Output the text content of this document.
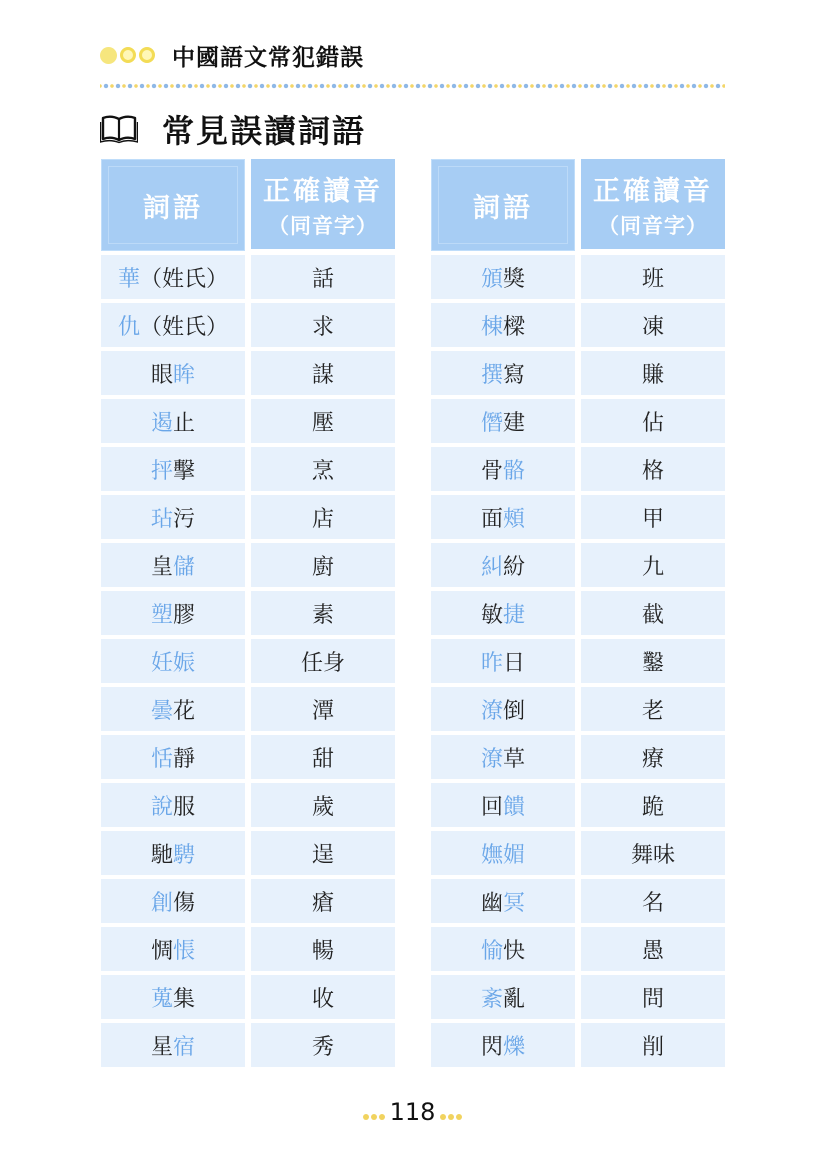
中國語文常犯錯誤
常見誤讀詞語
詞語
正確讀音
（同音字）
華 （姓氏）	話
仇 （姓氏）	求
眼 眸	謀
遏 止	壓
抨 擊	烹
玷 污	店
皇 儲	廚
塑 膠	素
妊娠	任身
曇 花	潭
恬 靜	甜
說 服	歲
馳 騁	逞
創 傷	瘡
惆 悵	暢
蒐 集	收
星 宿	秀
詞語
正確讀音
（同音字）
頒 獎	班
棟 樑	凍
撰 寫	賺
僭 建	佔
骨 骼	格
面 頰	甲
糾 紛	九
敏 捷	截
昨 日	鑿
潦 倒	老
潦 草	療
回 饋	跪
嫵媚	舞味
幽 冥	名
愉 快	愚
紊 亂	問
閃 爍	削
118
